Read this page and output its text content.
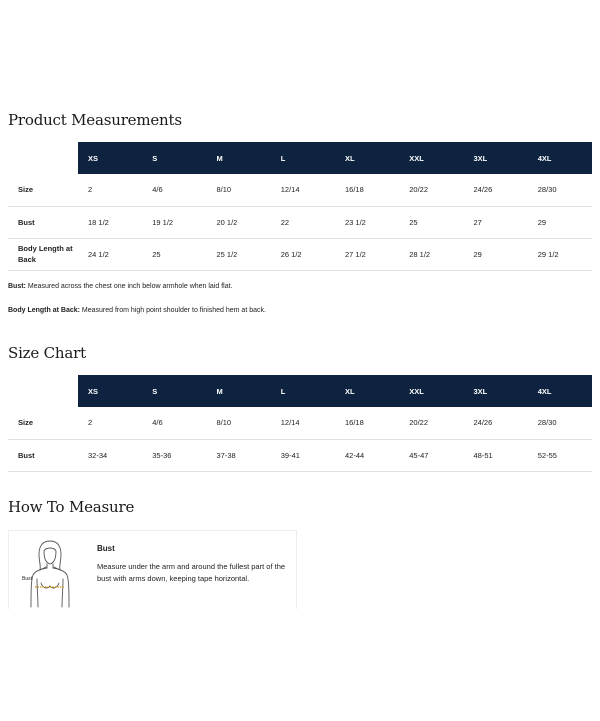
Product Measurements
	XS	S	M	L	XL	XXL	3XL	4XL
Size	2	4/6	8/10	12/14	16/18	20/22	24/26	28/30
Bust	18 1/2	19 1/2	20 1/2	22	23 1/2	25	27	29
Body Length at Back	24 1/2	25	25 1/2	26 1/2	27 1/2	28 1/2	29	29 1/2

Bust: Measured across the chest one inch below armhole when laid flat.

Body Length at Back: Measured from high point shoulder to finished hem at back.

Size Chart
	XS	S	M	L	XL	XXL	3XL	4XL
Size	2	4/6	8/10	12/14	16/18	20/22	24/26	28/30
Bust	32-34	35-36	37-38	39-41	42-44	45-47	48-51	52-55
How To Measure
Bust

Bust

Measure under the arm and around the fullest part of the bust with arms down, keeping tape horizontal.
